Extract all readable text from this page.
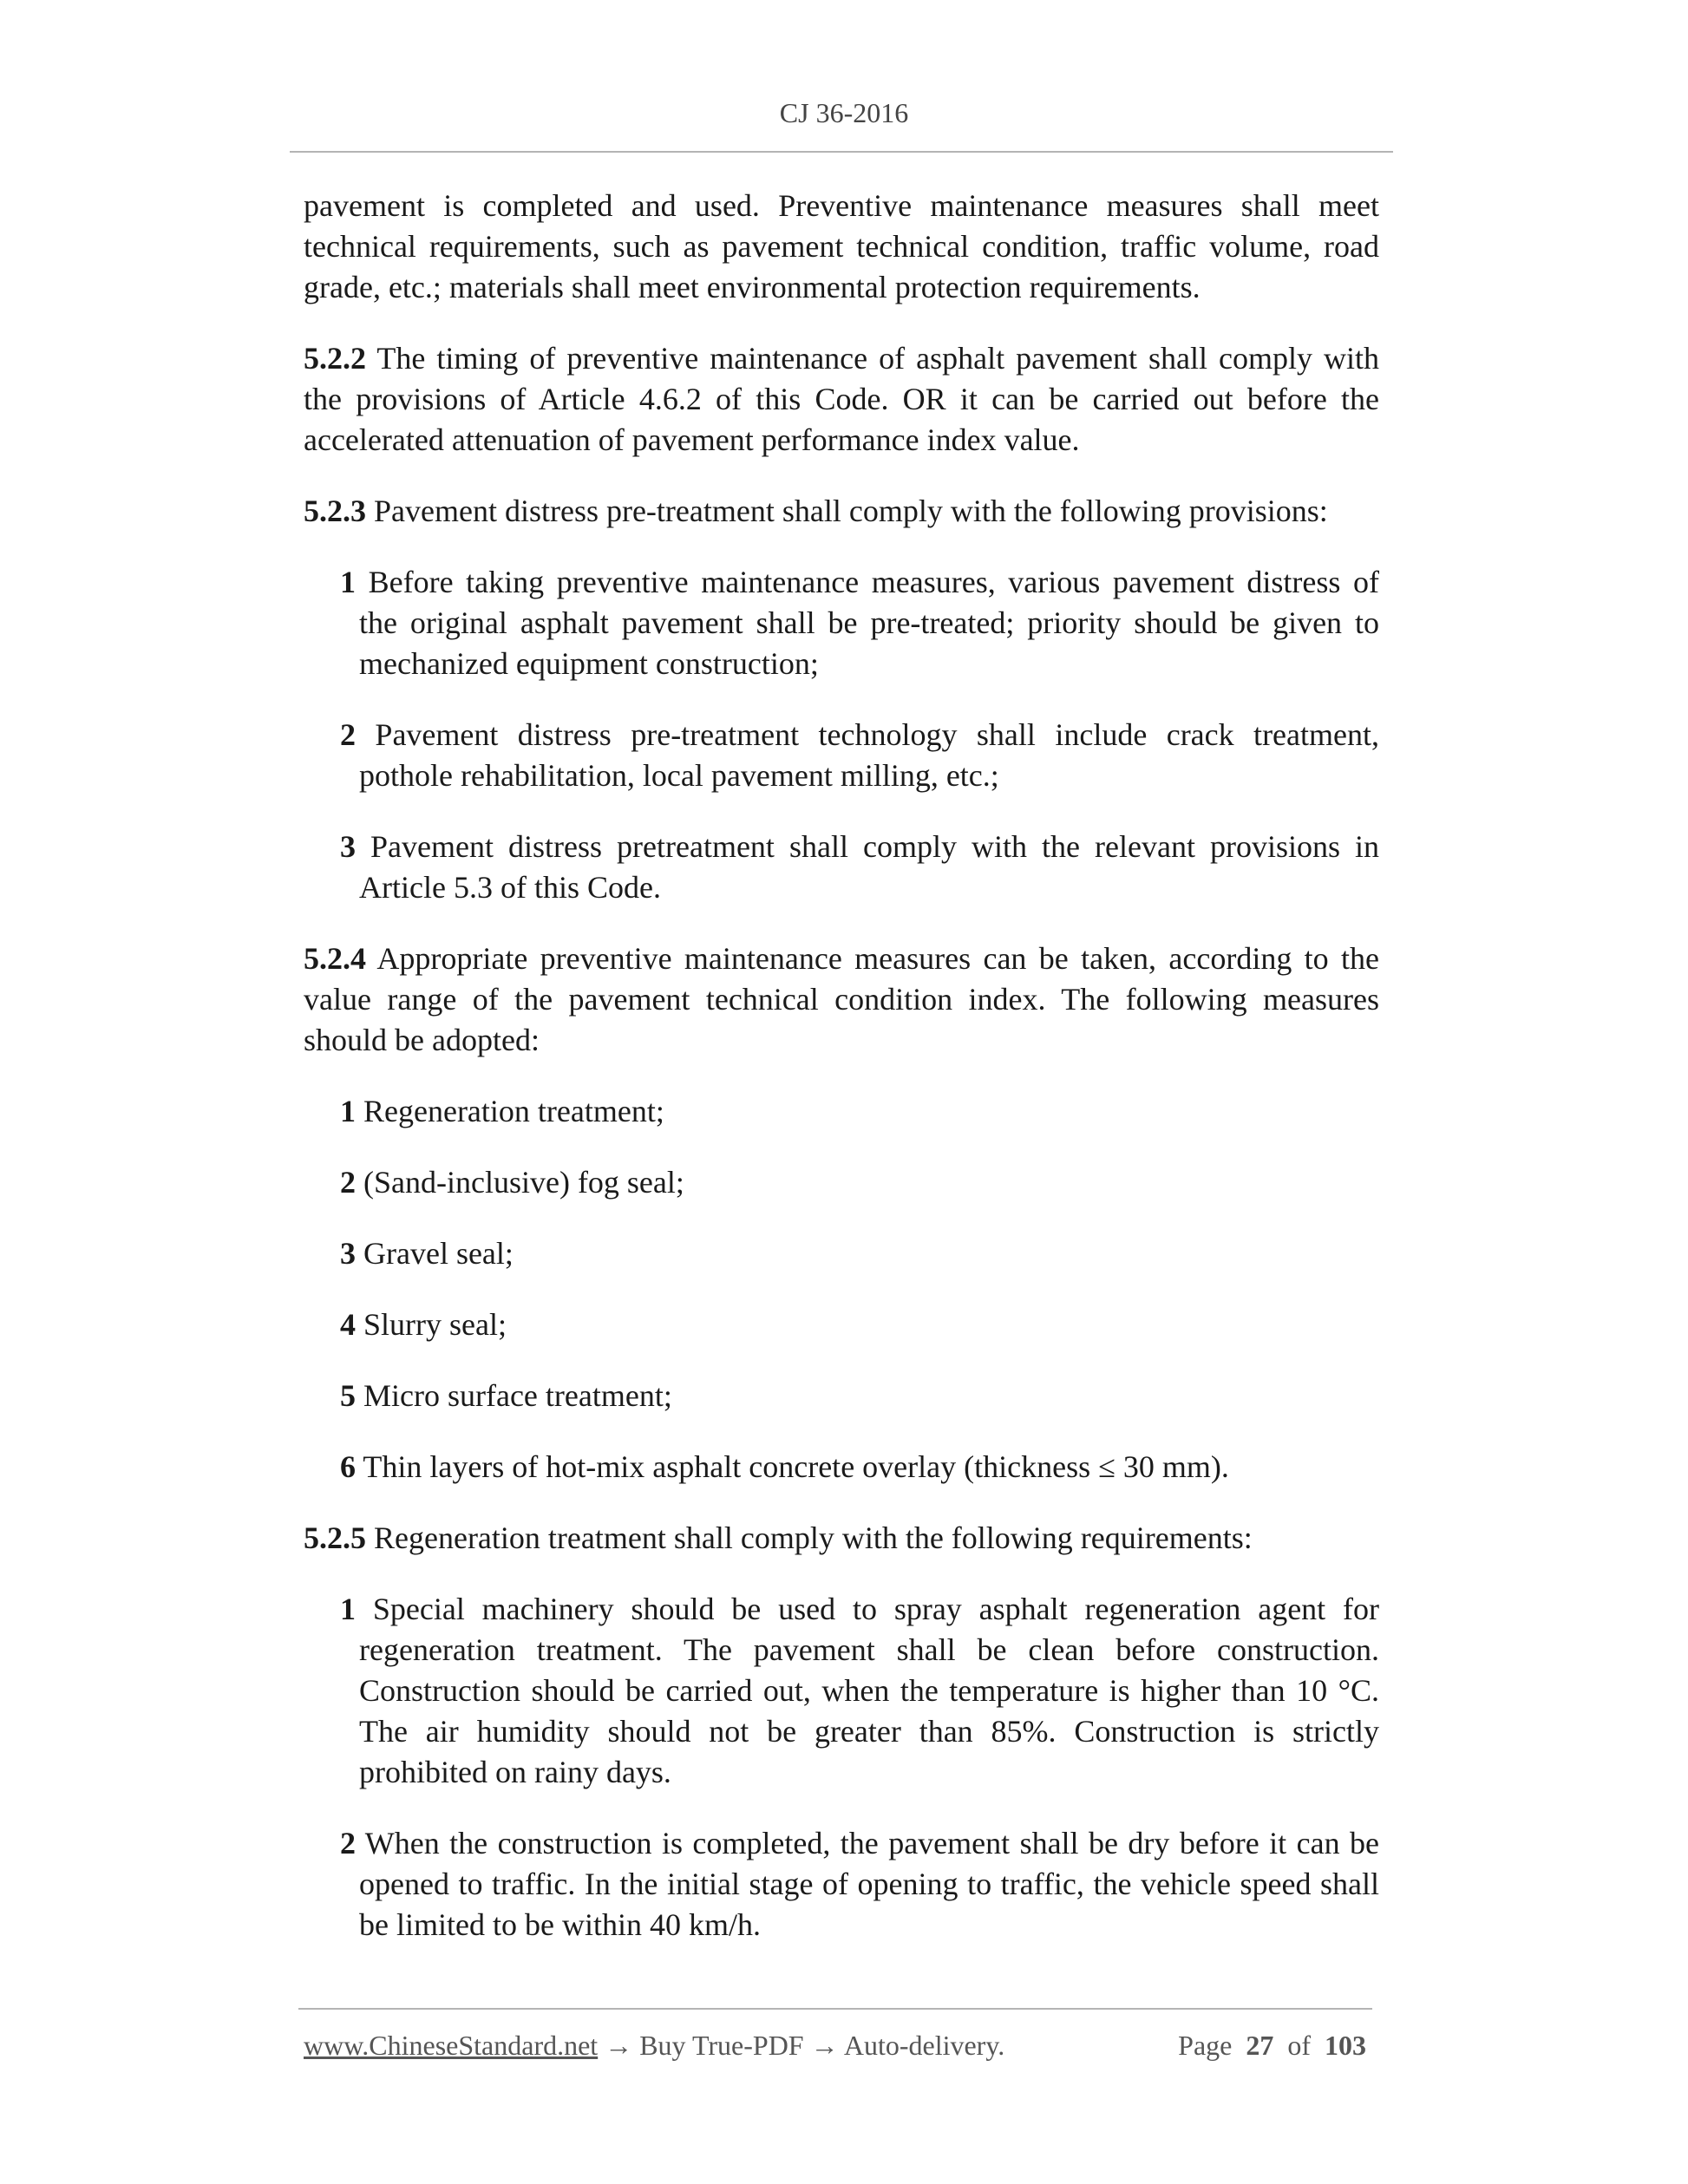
CJ 36-2016

pavement is completed and used. Preventive maintenance measures shall meet technical requirements, such as pavement technical condition, traffic volume, road grade, etc.; materials shall meet environmental protection requirements.

5.2.2 The timing of preventive maintenance of asphalt pavement shall comply with the provisions of Article 4.6.2 of this Code. OR it can be carried out before the accelerated attenuation of pavement performance index value.

5.2.3 Pavement distress pre-treatment shall comply with the following provisions:

1 Before taking preventive maintenance measures, various pavement distress of the original asphalt pavement shall be pre-treated; priority should be given to mechanized equipment construction;

2 Pavement distress pre-treatment technology shall include crack treatment, pothole rehabilitation, local pavement milling, etc.;

3 Pavement distress pretreatment shall comply with the relevant provisions in Article 5.3 of this Code.

5.2.4 Appropriate preventive maintenance measures can be taken, according to the value range of the pavement technical condition index. The following measures should be adopted:

1 Regeneration treatment;

2 (Sand-inclusive) fog seal;

3 Gravel seal;

4 Slurry seal;

5 Micro surface treatment;

6 Thin layers of hot-mix asphalt concrete overlay (thickness ≤ 30 mm).

5.2.5 Regeneration treatment shall comply with the following requirements:

1 Special machinery should be used to spray asphalt regeneration agent for regeneration treatment. The pavement shall be clean before construction. Construction should be carried out, when the temperature is higher than 10 °C. The air humidity should not be greater than 85%. Construction is strictly prohibited on rainy days.

2 When the construction is completed, the pavement shall be dry before it can be opened to traffic. In the initial stage of opening to traffic, the vehicle speed shall be limited to be within 40 km/h.

www.ChineseStandard.net → Buy True-PDF → Auto-delivery.	Page 27 of 103
